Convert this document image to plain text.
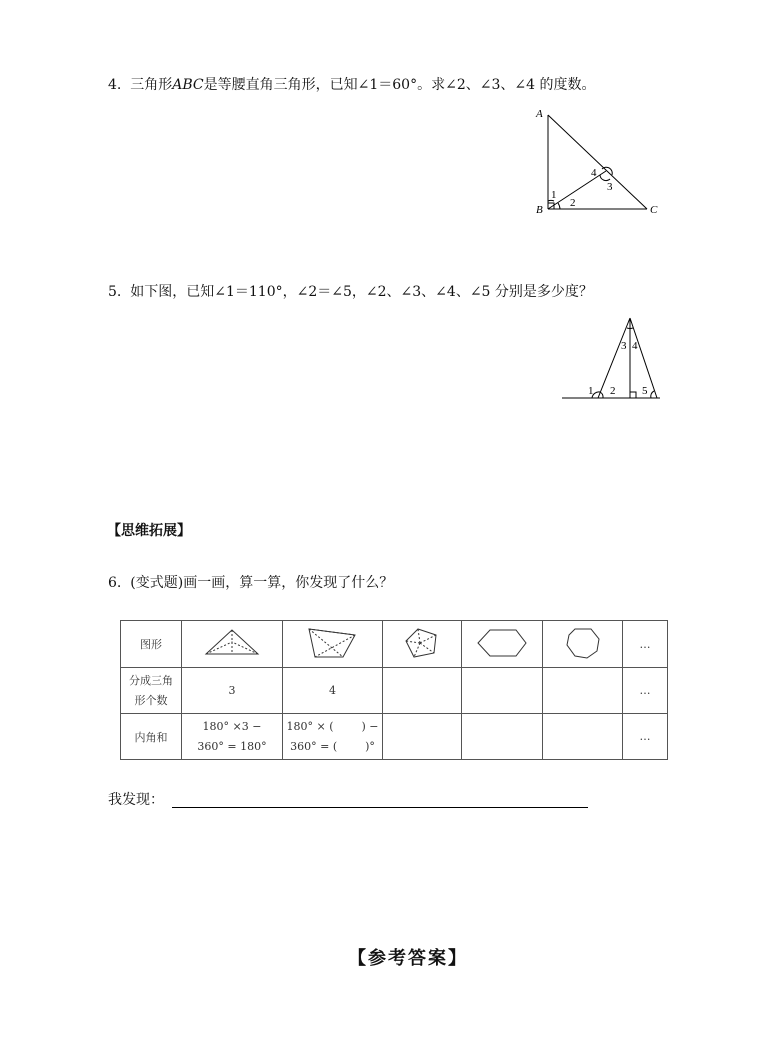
4. 三角形ABC是等腰直角三角形，已知∠1＝60°。求∠2、∠3、∠4 的度数。
A
B	C
1
2
3
4
5. 如下图，已知∠1＝110°，∠2＝∠5，∠2、∠3、∠4、∠5 分别是多少度？
1 2
3 4
5
【思维拓展】
6. (变式题)画一画，算一算，你发现了什么？
图形						…
分成三角
形个数	3	4				…
内角和	180° ×3 −
360° = 180°	180° × (        ) −
360° = (        )°				…
我发现：
【参考答案】
